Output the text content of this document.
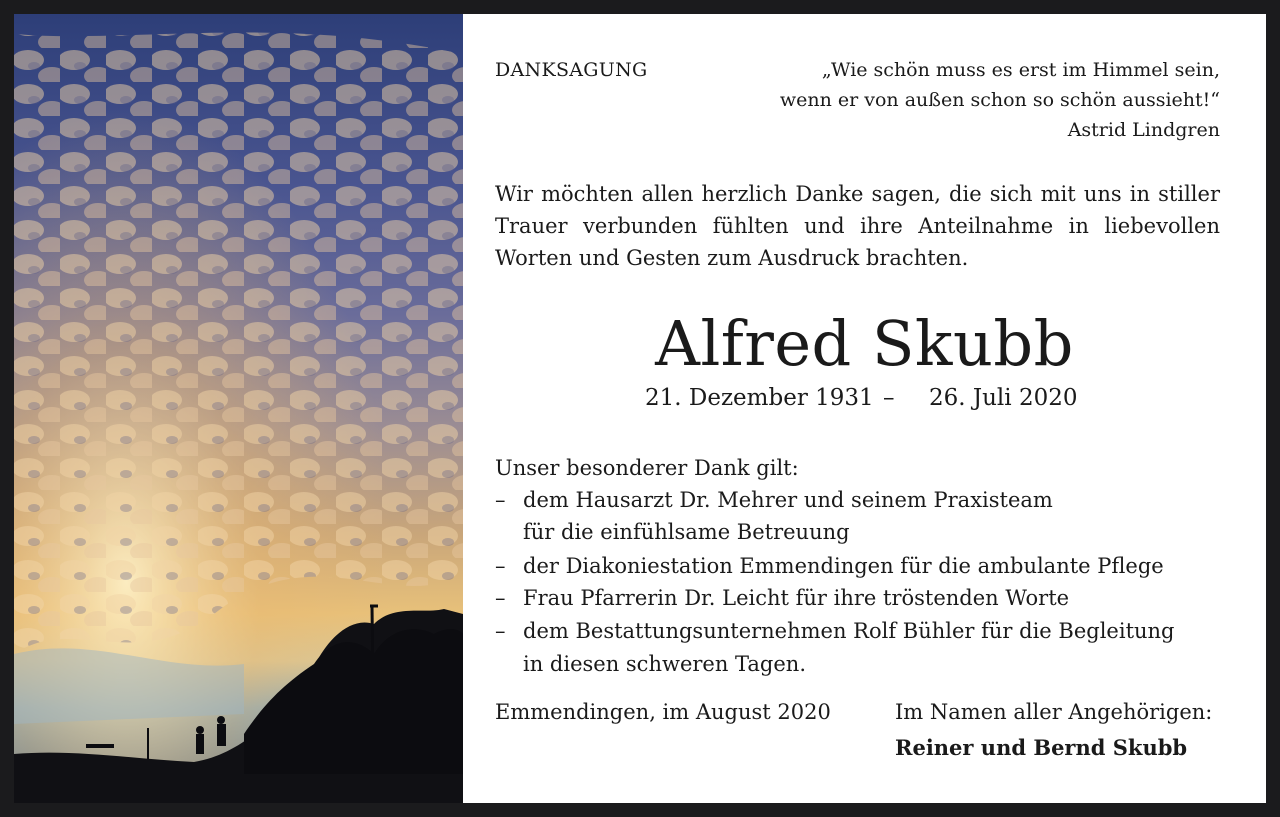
DANKSAGUNG	„Wie schön muss es erst im Himmel sein,
wenn er von außen schon so schön aussieht!“
Astrid Lindgren
Wir möchten allen herzlich Danke sagen, die sich mit uns in stiller Trauer verbunden fühlten und ihre Anteilnahme in liebevollen Worten und Gesten zum Ausdruck brachten.
Alfred Skubb
21. Dezember 1931 – 26. Juli 2020
Unser besonderer Dank gilt:
– dem Hausarzt Dr. Mehrer und seinem Praxisteam
für die einfühlsame Betreuung
– der Diakoniestation Emmendingen für die ambulante Pflege
– Frau Pfarrerin Dr. Leicht für ihre tröstenden Worte
– dem Bestattungsunternehmen Rolf Bühler für die Begleitung
in diesen schweren Tagen.
Emmendingen, im August 2020	Im Namen aller Angehörigen:
Reiner und Bernd Skubb
